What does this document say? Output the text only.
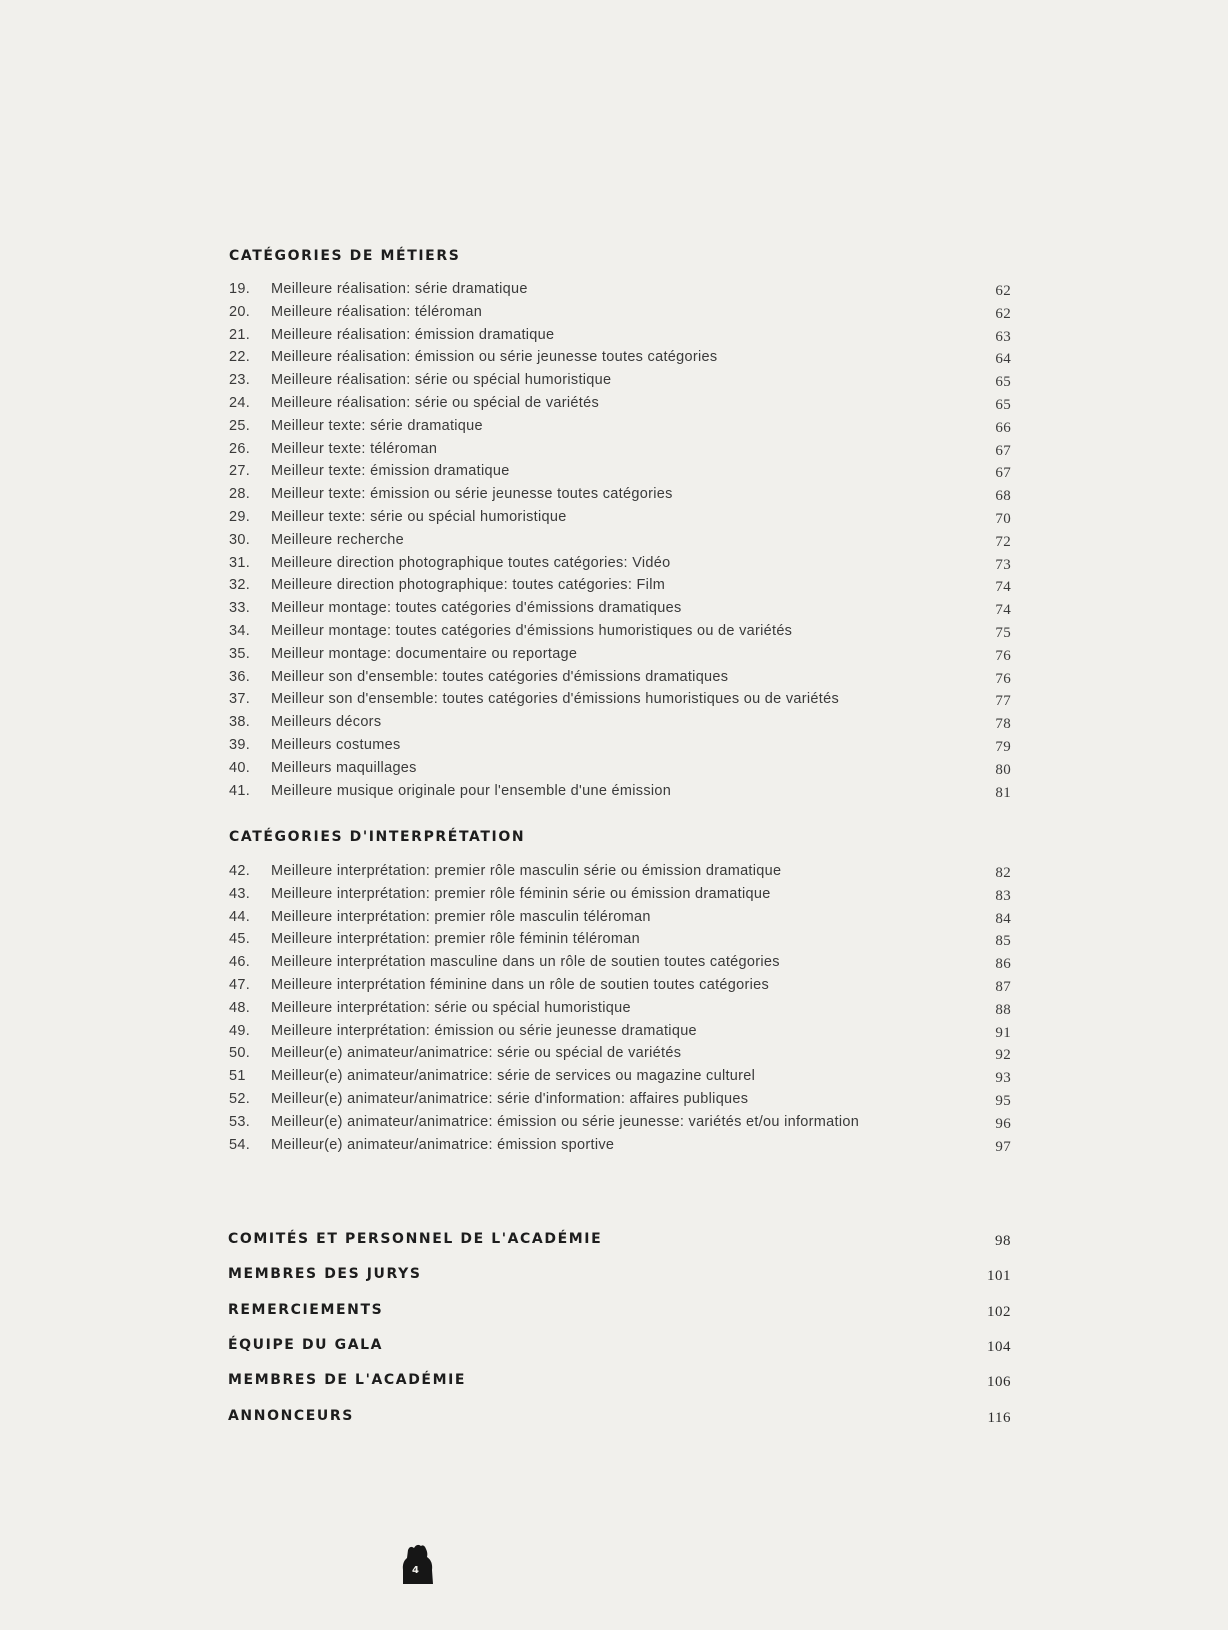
CATÉGORIES DE MÉTIERS
19.	Meilleure réalisation: série dramatique	62
20.	Meilleure réalisation: téléroman	62
21.	Meilleure réalisation: émission dramatique	63
22.	Meilleure réalisation: émission ou série jeunesse toutes catégories	64
23.	Meilleure réalisation: série ou spécial humoristique	65
24.	Meilleure réalisation: série ou spécial de variétés	65
25.	Meilleur texte: série dramatique	66
26.	Meilleur texte: téléroman	67
27.	Meilleur texte: émission dramatique	67
28.	Meilleur texte: émission ou série jeunesse toutes catégories	68
29.	Meilleur texte: série ou spécial humoristique	70
30.	Meilleure recherche	72
31.	Meilleure direction photographique toutes catégories: Vidéo	73
32.	Meilleure direction photographique: toutes catégories: Film	74
33.	Meilleur montage: toutes catégories d'émissions dramatiques	74
34.	Meilleur montage: toutes catégories d'émissions humoristiques ou de variétés	75
35.	Meilleur montage: documentaire ou reportage	76
36.	Meilleur son d'ensemble: toutes catégories d'émissions dramatiques	76
37.	Meilleur son d'ensemble: toutes catégories d'émissions humoristiques ou de variétés	77
38.	Meilleurs décors	78
39.	Meilleurs costumes	79
40.	Meilleurs maquillages	80
41.	Meilleure musique originale pour l'ensemble d'une émission	81
CATÉGORIES D'INTERPRÉTATION
42.	Meilleure interprétation: premier rôle masculin série ou émission dramatique	82
43.	Meilleure interprétation: premier rôle féminin série ou émission dramatique	83
44.	Meilleure interprétation: premier rôle masculin téléroman	84
45.	Meilleure interprétation: premier rôle féminin téléroman	85
46.	Meilleure interprétation masculine dans un rôle de soutien toutes catégories	86
47.	Meilleure interprétation féminine dans un rôle de soutien toutes catégories	87
48.	Meilleure interprétation: série ou spécial humoristique	88
49.	Meilleure interprétation: émission ou série jeunesse dramatique	91
50.	Meilleur(e) animateur/animatrice: série ou spécial de variétés	92
51	Meilleur(e) animateur/animatrice: série de services ou magazine culturel	93
52.	Meilleur(e) animateur/animatrice: série d'information: affaires publiques	95
53.	Meilleur(e) animateur/animatrice: émission ou série jeunesse: variétés et/ou information	96
54.	Meilleur(e) animateur/animatrice: émission sportive	97
COMITÉS ET PERSONNEL DE L'ACADÉMIE	98
MEMBRES DES JURYS	101
REMERCIEMENTS	102
ÉQUIPE DU GALA	104
MEMBRES DE L'ACADÉMIE	106
ANNONCEURS	116
4
